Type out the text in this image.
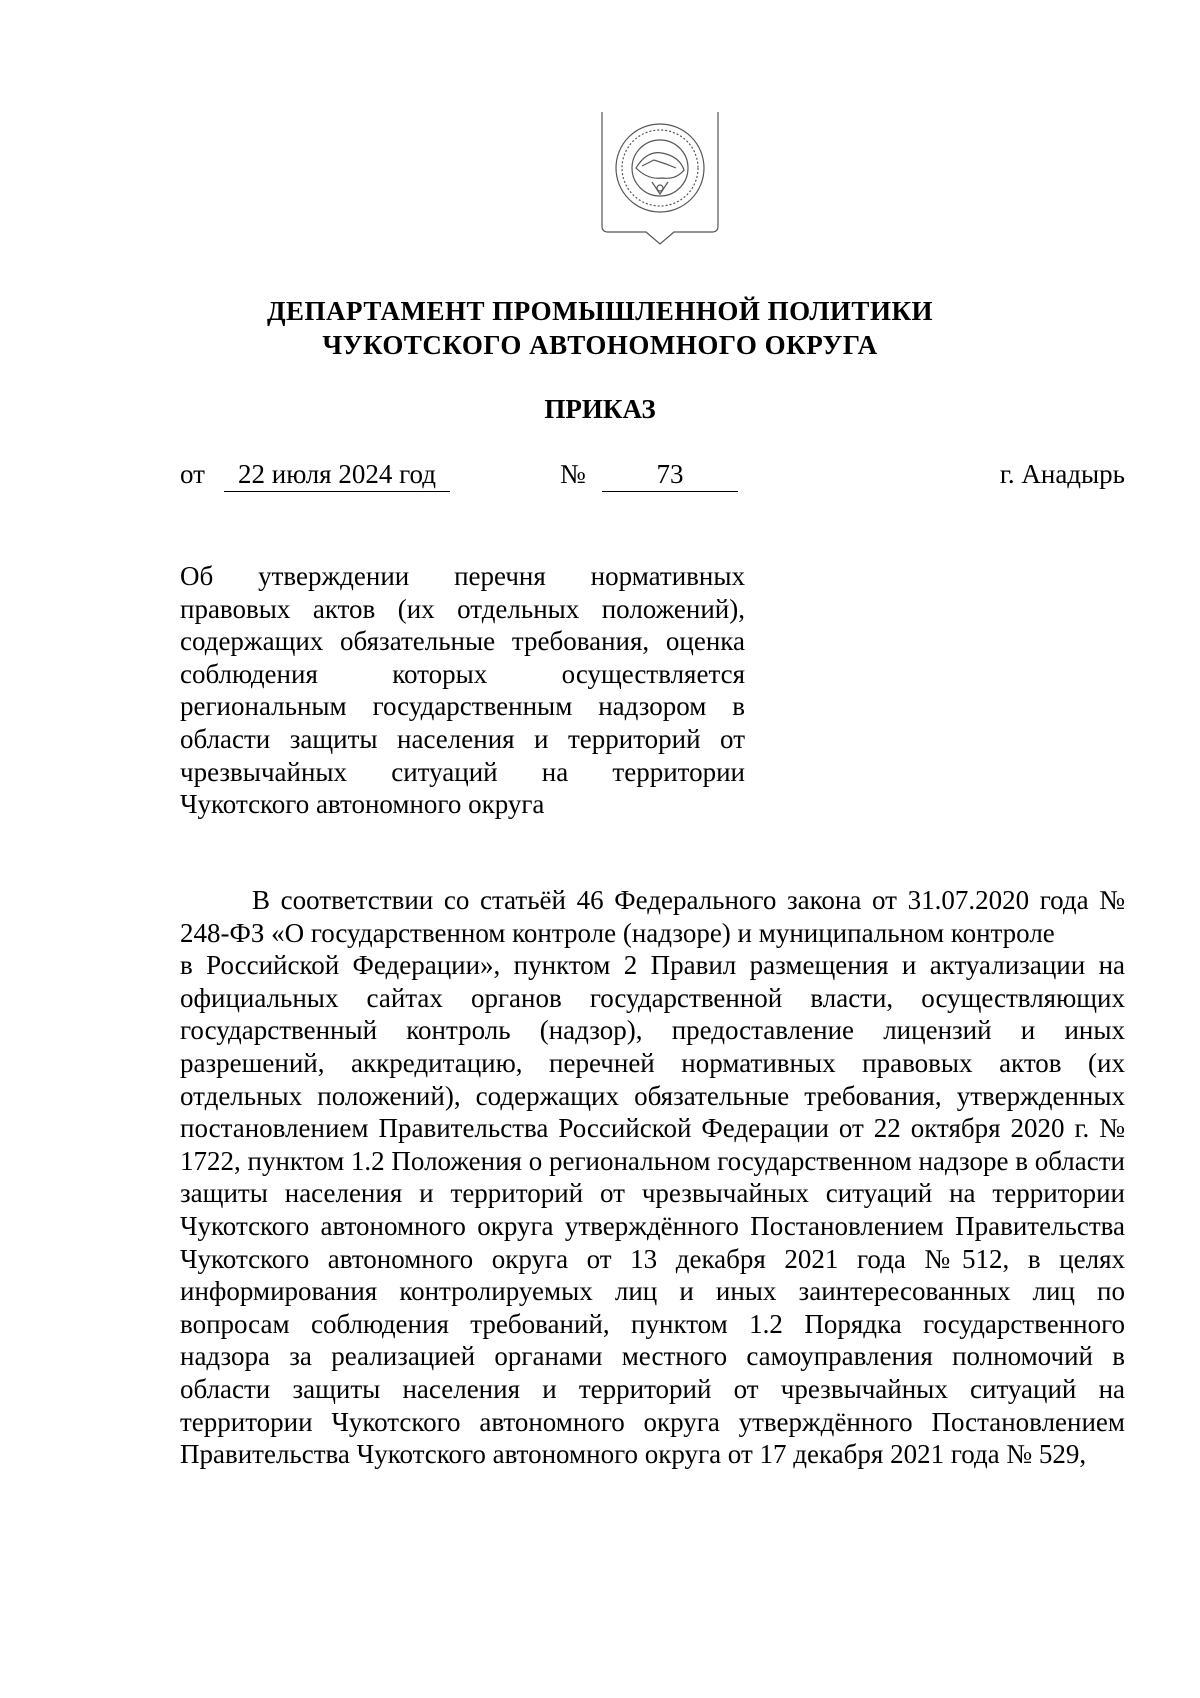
ДЕПАРТАМЕНТ ПРОМЫШЛЕННОЙ ПОЛИТИКИ
ЧУКОТСКОГО АВТОНОМНОГО ОКРУГА
ПРИКАЗ
от	22 июля 2024 год	№	73	г. Анадырь
Об утверждении перечня нормативных правовых актов (их отдельных положений), содержащих обязательные требования, оценка соблюдения которых осуществляется региональным государственным надзором в области защиты населения и территорий от чрезвычайных ситуаций на территории Чукотского автономного округа

В соответствии со статьёй 46 Федерального закона от 31.07.2020 года № 248-ФЗ «О государственном контроле (надзоре) и муниципальном контроле

в Российской Федерации», пунктом 2 Правил размещения и актуализации на официальных сайтах органов государственной власти, осуществляющих государственный контроль (надзор), предоставление лицензий и иных разрешений, аккредитацию, перечней нормативных правовых актов (их отдельных положений), содержащих обязательные требования, утвержденных постановлением Правительства Российской Федерации от 22 октября 2020 г. № 1722, пунктом 1.2 Положения о региональном государственном надзоре в области защиты населения и территорий от чрезвычайных ситуаций на территории Чукотского автономного округа утверждённого Постановлением Правительства Чукотского автономного округа от 13 декабря 2021 года №512, в целях информирования контролируемых лиц и иных заинтересованных лиц по вопросам соблюдения требований, пунктом 1.2 Порядка государственного надзора за реализацией органами местного самоуправления полномочий в области защиты населения и территорий от чрезвычайных ситуаций на территории Чукотского автономного округа утверждённого Постановлением Правительства Чукотского автономного округа от 17 декабря 2021 года № 529,
